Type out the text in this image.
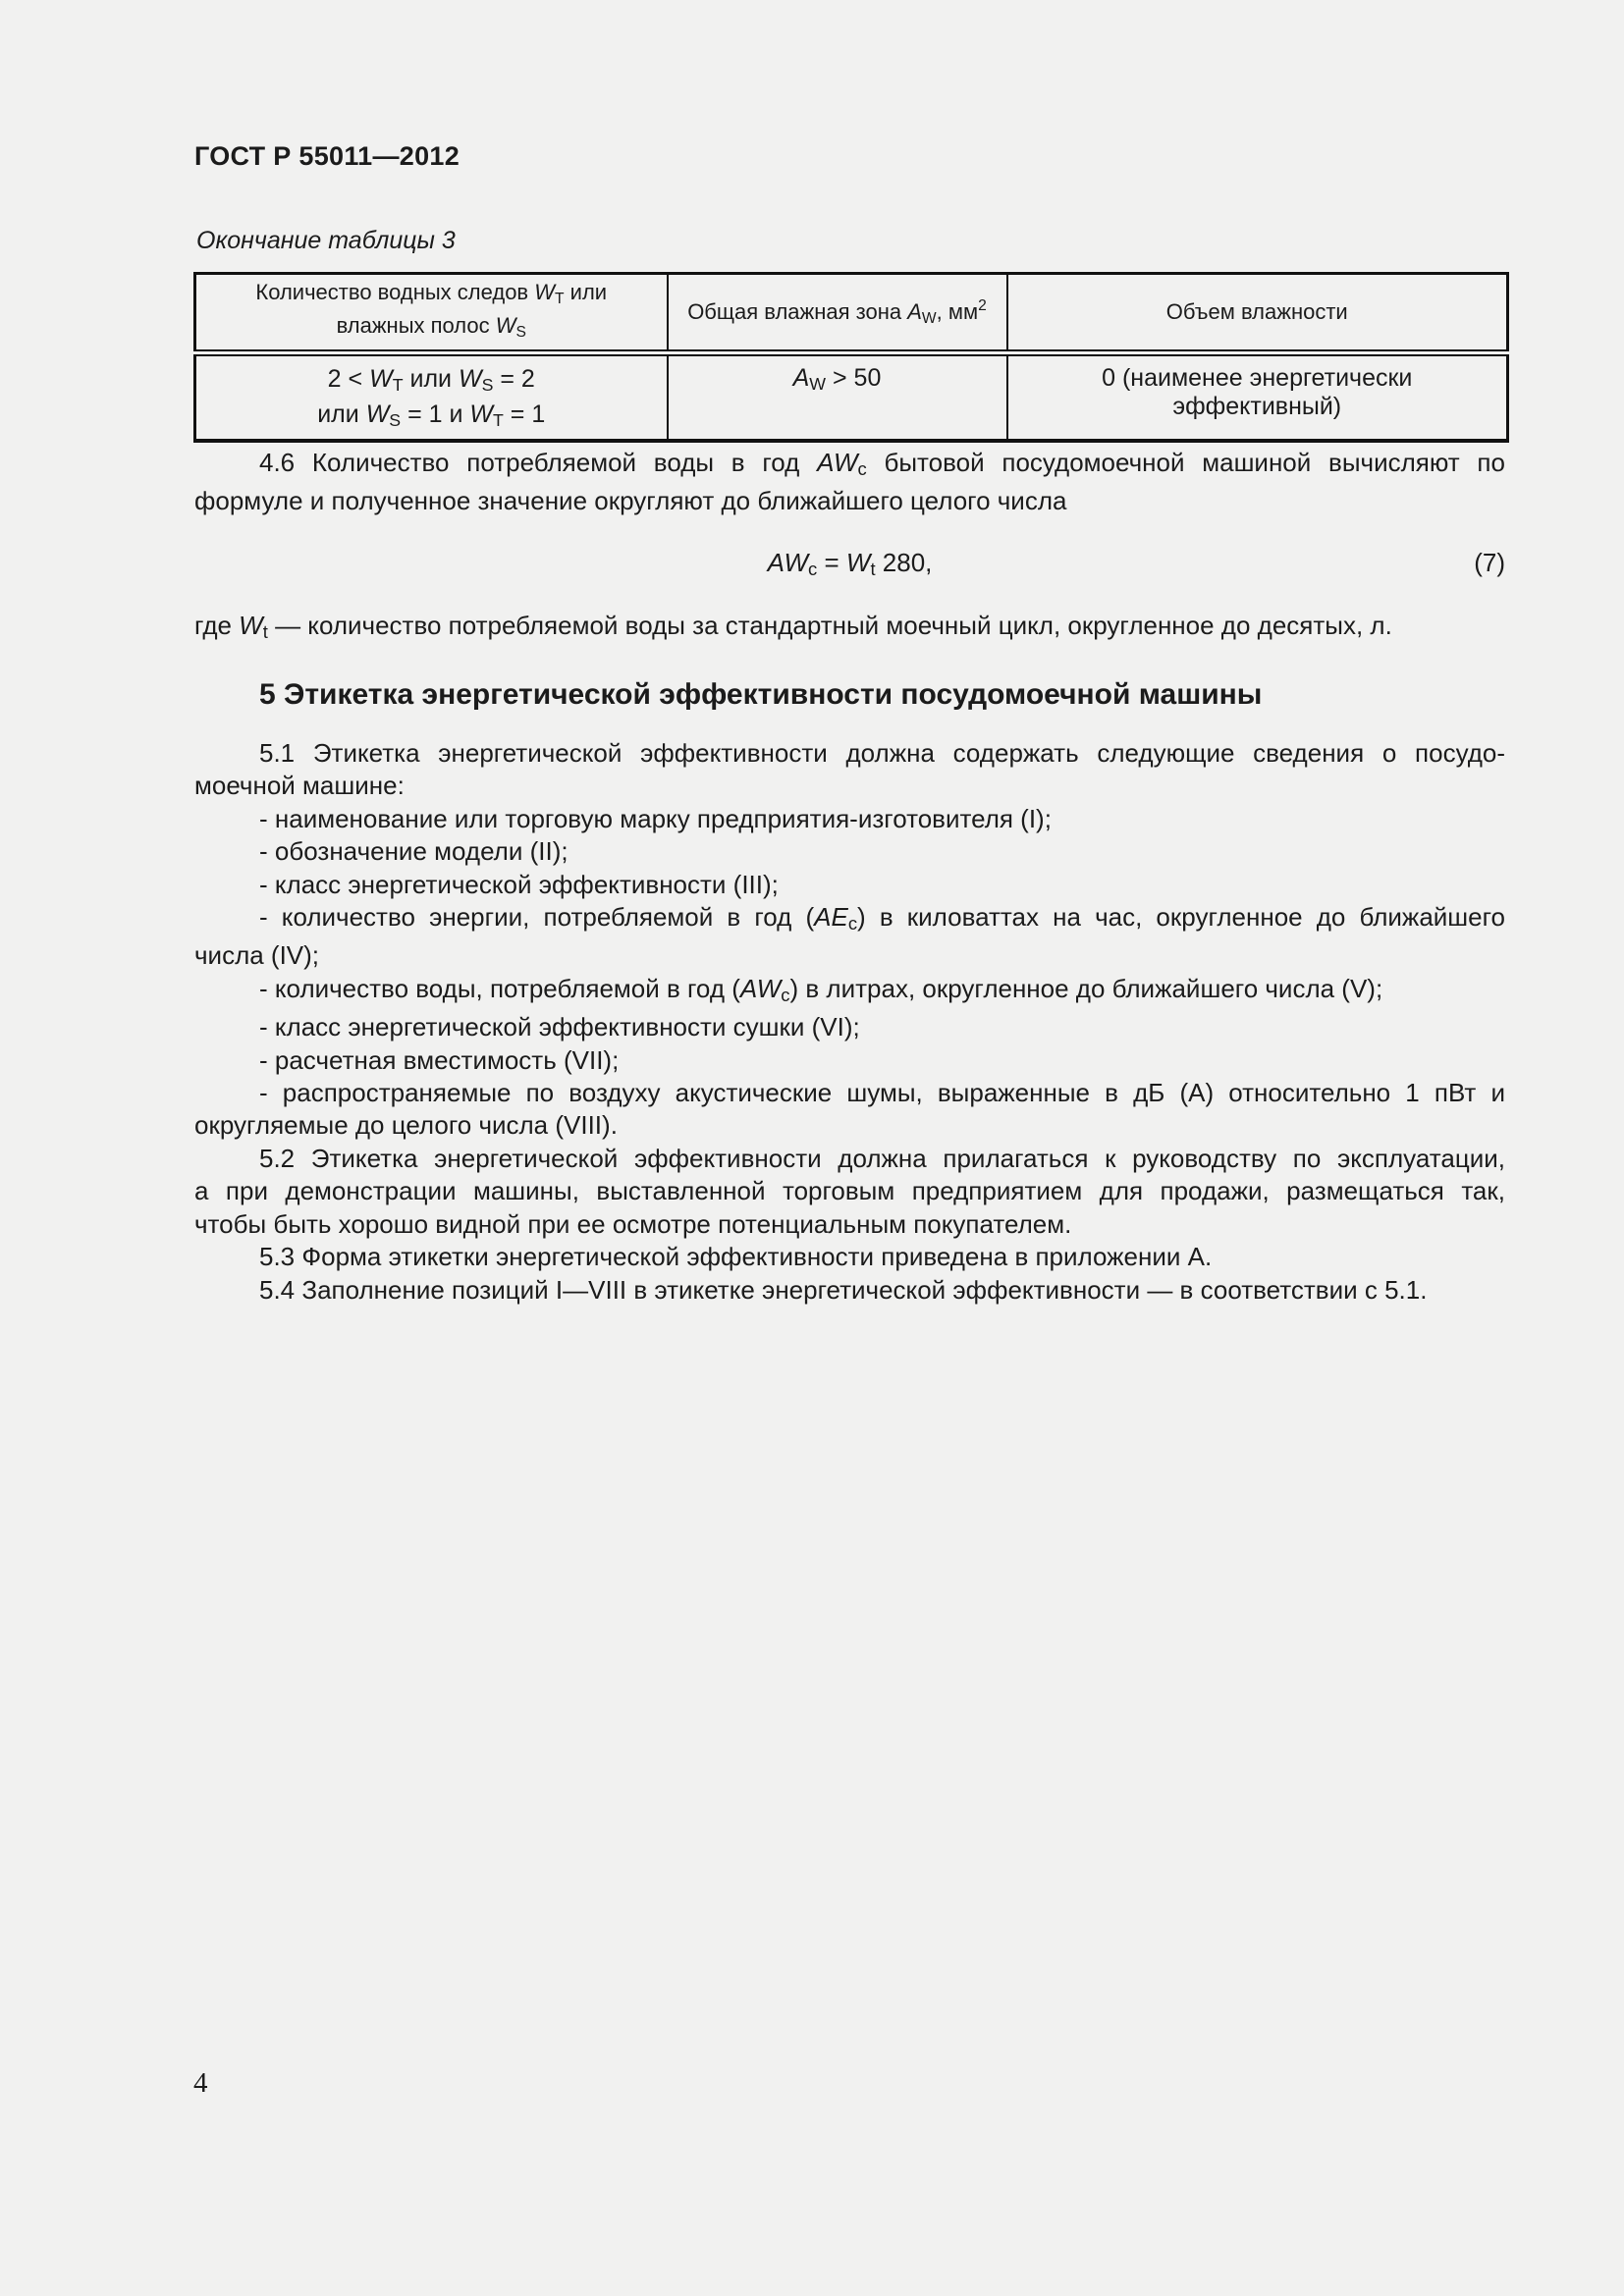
ГОСТ Р 55011—2012
Окончание таблицы 3
Количество водных следов WТ или
влажных полос WS	Общая влажная зона AW, $мм^2$	Объем влажности

2 < WТ или WS = 2
или WS = 1 и WТ = 1	AW > 50	0 (наименее энергетически эффективный)
4.6 Количество потребляемой воды в год AWс бытовой посудомоечной машиной вычисляют по
формуле и полученное значение округляют до ближайшего целого числа
AWс = Wt 280,	(7)
где Wt — количество потребляемой воды за стандартный моечный цикл, округленное до десятых, л.
5 Этикетка энергетической эффективности посудомоечной машины
5.1 Этикетка энергетической эффективности должна содержать следующие сведения о посудо-
моечной машине:
- наименование или торговую марку предприятия-изготовителя (I);
- обозначение модели (II);
- класс энергетической эффективности (III);
- количество энергии, потребляемой в год (AEс) в киловаттах на час, округленное до ближайшего
числа (IV);
- количество воды, потребляемой в год (AWс) в литрах, округленное до ближайшего числа (V);
- класс энергетической эффективности сушки (VI);
- расчетная вместимость (VII);
- распространяемые по воздуху акустические шумы, выраженные в дБ (А) относительно 1 пВт и
округляемые до целого числа (VIII).
5.2 Этикетка энергетической эффективности должна прилагаться к руководству по эксплуатации,
а при демонстрации машины, выставленной торговым предприятием для продажи, размещаться так,
чтобы быть хорошо видной при ее осмотре потенциальным покупателем.
5.3 Форма этикетки энергетической эффективности приведена в приложении А.
5.4 Заполнение позиций I—VIII в этикетке энергетической эффективности — в соответствии с 5.1.
4
